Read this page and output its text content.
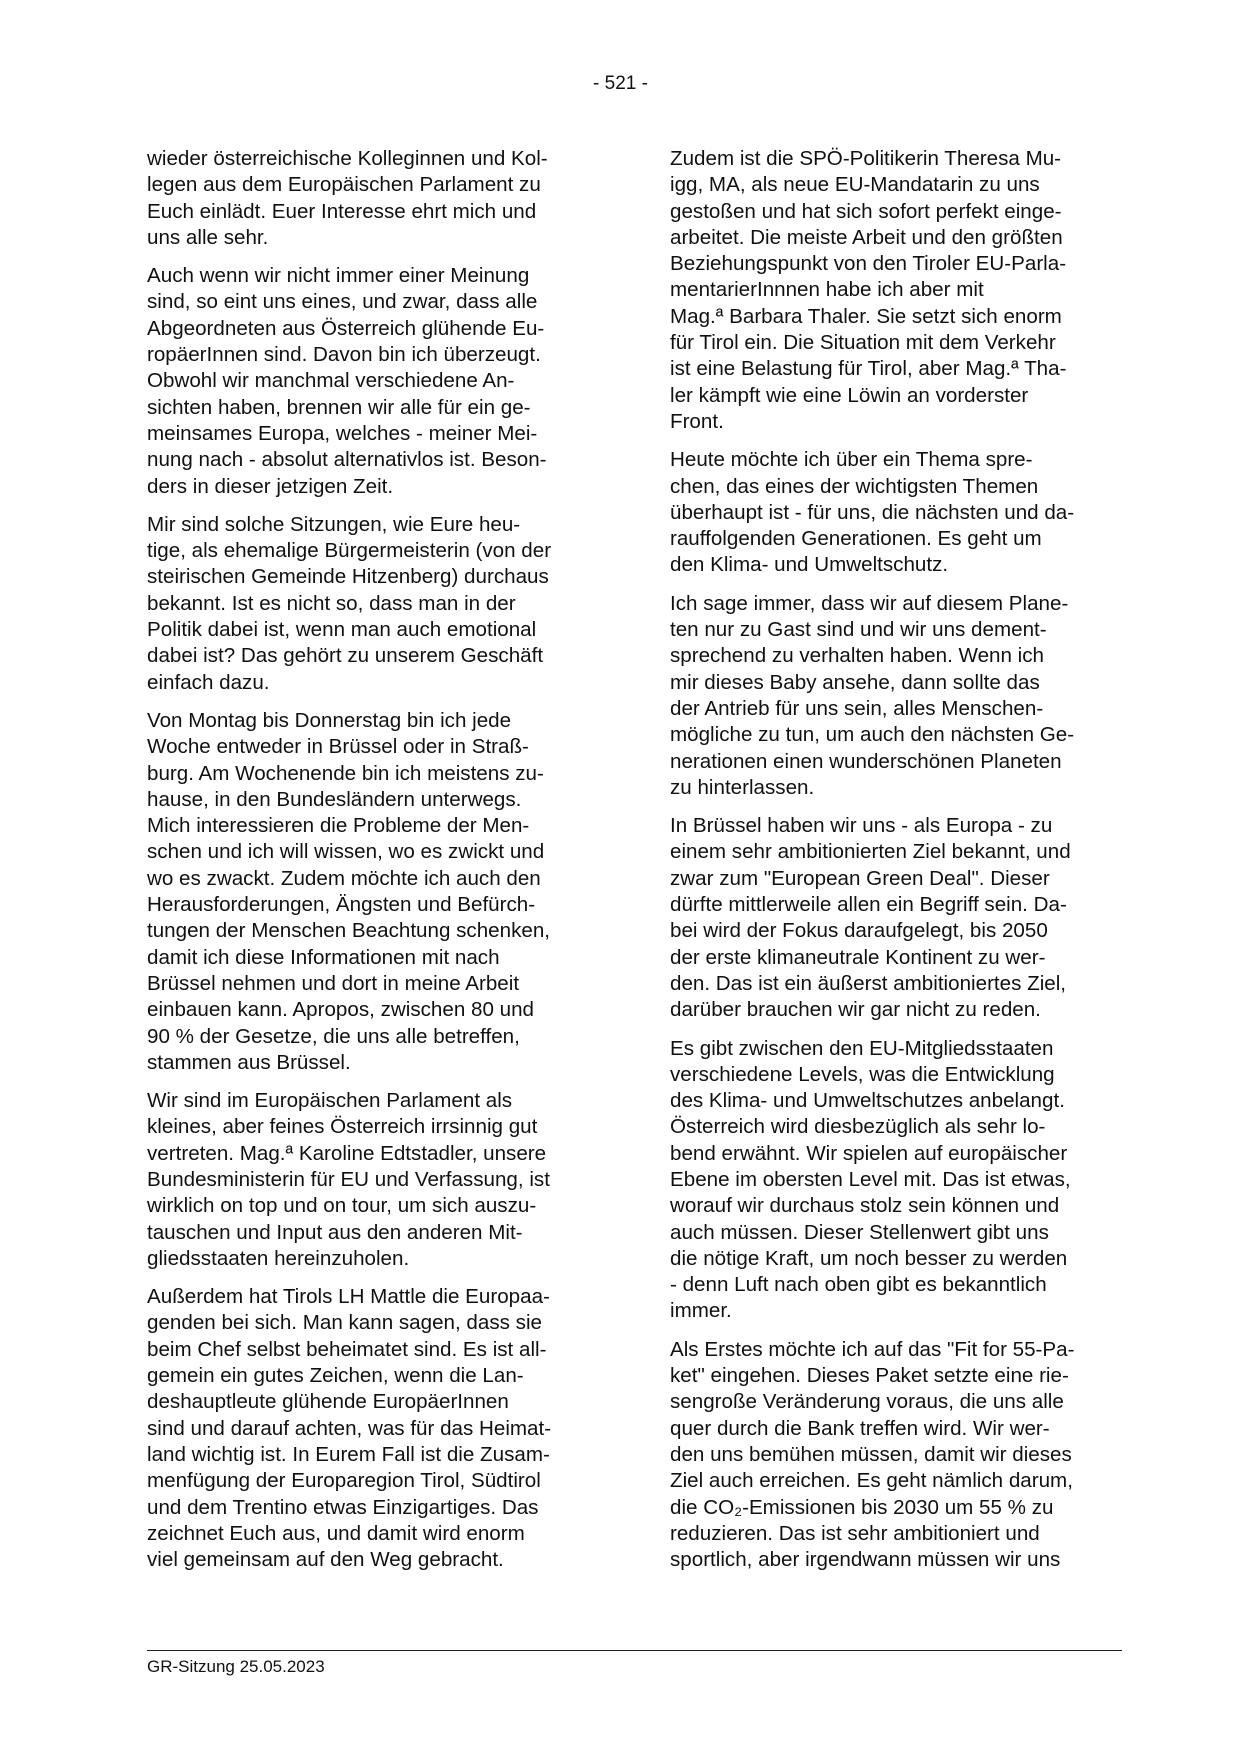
- 521 -

wieder österreichische Kolleginnen und Kol-
legen aus dem Europäischen Parlament zu
Euch einlädt. Euer Interesse ehrt mich und
uns alle sehr.

Auch wenn wir nicht immer einer Meinung
sind, so eint uns eines, und zwar, dass alle
Abgeordneten aus Österreich glühende Eu-
ropäerInnen sind. Davon bin ich überzeugt.
Obwohl wir manchmal verschiedene An-
sichten haben, brennen wir alle für ein ge-
meinsames Europa, welches - meiner Mei-
nung nach - absolut alternativlos ist. Beson-
ders in dieser jetzigen Zeit.

Mir sind solche Sitzungen, wie Eure heu-
tige, als ehemalige Bürgermeisterin (von der
steirischen Gemeinde Hitzenberg) durchaus
bekannt. Ist es nicht so, dass man in der
Politik dabei ist, wenn man auch emotional
dabei ist? Das gehört zu unserem Geschäft
einfach dazu.

Von Montag bis Donnerstag bin ich jede
Woche entweder in Brüssel oder in Straß-
burg. Am Wochenende bin ich meistens zu-
hause, in den Bundesländern unterwegs.
Mich interessieren die Probleme der Men-
schen und ich will wissen, wo es zwickt und
wo es zwackt. Zudem möchte ich auch den
Herausforderungen, Ängsten und Befürch-
tungen der Menschen Beachtung schenken,
damit ich diese Informationen mit nach
Brüssel nehmen und dort in meine Arbeit
einbauen kann. Apropos, zwischen 80 und
90 % der Gesetze, die uns alle betreffen,
stammen aus Brüssel.

Wir sind im Europäischen Parlament als
kleines, aber feines Österreich irrsinnig gut
vertreten. Mag.ª Karoline Edtstadler, unsere
Bundesministerin für EU und Verfassung, ist
wirklich on top und on tour, um sich auszu-
tauschen und Input aus den anderen Mit-
gliedsstaaten hereinzuholen.

Außerdem hat Tirols LH Mattle die Europaa-
genden bei sich. Man kann sagen, dass sie
beim Chef selbst beheimatet sind. Es ist all-
gemein ein gutes Zeichen, wenn die Lan-
deshauptleute glühende EuropäerInnen
sind und darauf achten, was für das Heimat-
land wichtig ist. In Eurem Fall ist die Zusam-
menfügung der Europaregion Tirol, Südtirol
und dem Trentino etwas Einzigartiges. Das
zeichnet Euch aus, und damit wird enorm
viel gemeinsam auf den Weg gebracht.

Zudem ist die SPÖ-Politikerin Theresa Mu-
igg, MA, als neue EU-Mandatarin zu uns
gestoßen und hat sich sofort perfekt einge-
arbeitet. Die meiste Arbeit und den größten
Beziehungspunkt von den Tiroler EU-Parla-
mentarierInnnen habe ich aber mit
Mag.ª Barbara Thaler. Sie setzt sich enorm
für Tirol ein. Die Situation mit dem Verkehr
ist eine Belastung für Tirol, aber Mag.ª Tha-
ler kämpft wie eine Löwin an vorderster
Front.

Heute möchte ich über ein Thema spre-
chen, das eines der wichtigsten Themen
überhaupt ist - für uns, die nächsten und da-
rauffolgenden Generationen. Es geht um
den Klima- und Umweltschutz.

Ich sage immer, dass wir auf diesem Plane-
ten nur zu Gast sind und wir uns dement-
sprechend zu verhalten haben. Wenn ich
mir dieses Baby ansehe, dann sollte das
der Antrieb für uns sein, alles Menschen-
mögliche zu tun, um auch den nächsten Ge-
nerationen einen wunderschönen Planeten
zu hinterlassen.

In Brüssel haben wir uns - als Europa - zu
einem sehr ambitionierten Ziel bekannt, und
zwar zum "European Green Deal". Dieser
dürfte mittlerweile allen ein Begriff sein. Da-
bei wird der Fokus daraufgelegt, bis 2050
der erste klimaneutrale Kontinent zu wer-
den. Das ist ein äußerst ambitioniertes Ziel,
darüber brauchen wir gar nicht zu reden.

Es gibt zwischen den EU-Mitgliedsstaaten
verschiedene Levels, was die Entwicklung
des Klima- und Umweltschutzes anbelangt.
Österreich wird diesbezüglich als sehr lo-
bend erwähnt. Wir spielen auf europäischer
Ebene im obersten Level mit. Das ist etwas,
worauf wir durchaus stolz sein können und
auch müssen. Dieser Stellenwert gibt uns
die nötige Kraft, um noch besser zu werden
- denn Luft nach oben gibt es bekanntlich
immer.

Als Erstes möchte ich auf das "Fit for 55-Pa-
ket" eingehen. Dieses Paket setzte eine rie-
sengroße Veränderung voraus, die uns alle
quer durch die Bank treffen wird. Wir wer-
den uns bemühen müssen, damit wir dieses
Ziel auch erreichen. Es geht nämlich darum,
die CO₂-Emissionen bis 2030 um 55 % zu
reduzieren. Das ist sehr ambitioniert und
sportlich, aber irgendwann müssen wir uns

GR-Sitzung 25.05.2023
